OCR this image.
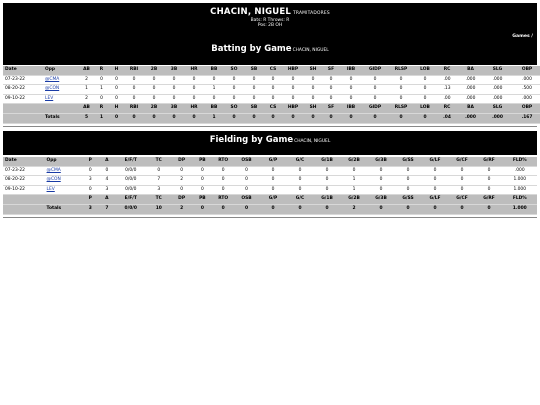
CHACIN, NIGUEL TRAMITADORES
Bats: R Throws: R
Pos: 2B OH
Games /
Batting by GameCHACIN, NIGUEL
Leaders / Batting / Pitching / Fielding / TRAMITADORES / TORNEO NEURO POLANCO
Date	Opp	AB	R	H	RBI	2B	3B	HR	BB	SO	SB	CS	HBP	SH	SF	IBB	GIDP	RLSP	LOB	RC	BA	SLG	OBP
07-23-22	@CMA	2	0	0	0	0	0	0	0	0	0	0	0	0	0	0	0	0	0	.00	.000	.000	.000
08-20-22	@CON	1	1	0	0	0	0	0	1	0	0	0	0	0	0	0	0	0	0	.13	.000	.000	.500
09-10-22	LEV	2	0	0	0	0	0	0	0	0	0	0	0	0	0	0	0	0	0	.00	.000	.000	.000
		AB	R	H	RBI	2B	3B	HR	BB	SO	SB	CS	HBP	SH	SF	IBB	GIDP	RLSP	LOB	RC	BA	SLG	OBP
	Totals	5	1	0	0	0	0	0	1	0	0	0	0	0	0	0	0	0	0	.04	.000	.000	.167
Fielding by GameCHACIN, NIGUEL
Leaders / Batting / Pitching / Fielding / TRAMITADORES / TORNEO NEURO POLANCO
Date	Opp	P	A	E/F/T	TC	DP	PB	RTO	OSB	G/P	G/C	G/1B	G/2B	G/3B	G/SS	G/LF	G/CF	G/RF	FLD%
07-23-22	@CMA	0	0	0/0/0	0	0	0	0	0	0	0	0	0	0	0	0	0	0	.000
08-20-22	@CON	3	4	0/0/0	7	2	0	0	0	0	0	0	1	0	0	0	0	0	1.000
09-10-22	LEV	0	3	0/0/0	3	0	0	0	0	0	0	0	1	0	0	0	0	0	1.000
		P	A	E/F/T	TC	DP	PB	RTO	OSB	G/P	G/C	G/1B	G/2B	G/3B	G/SS	G/LF	G/CF	G/RF	FLD%
	Totals	3	7	0/0/0	10	2	0	0	0	0	0	0	2	0	0	0	0	0	1.000
